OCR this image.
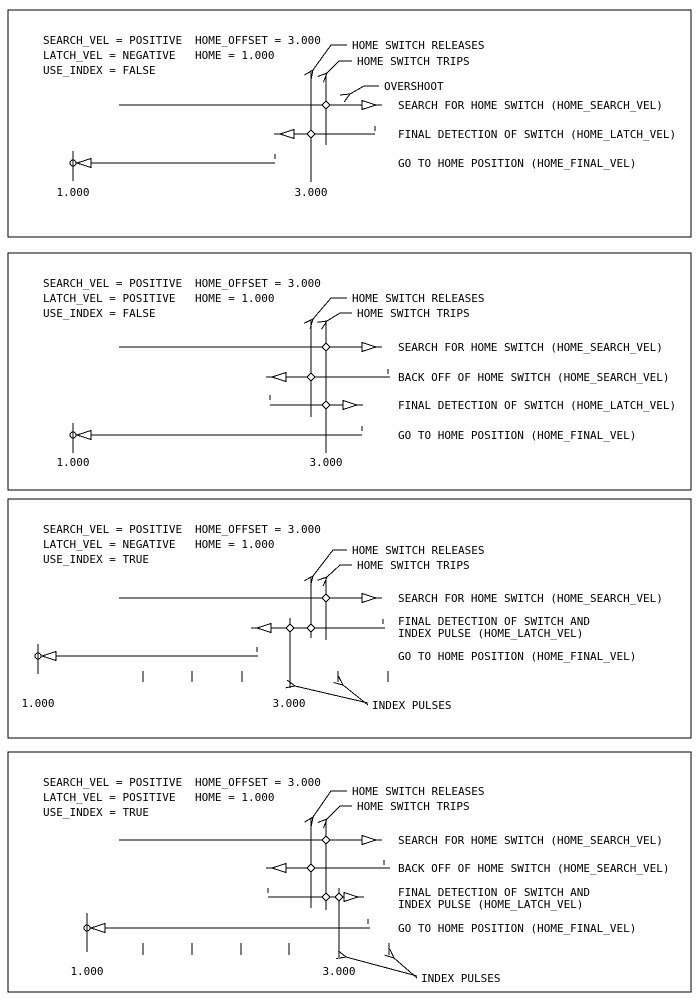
SEARCH_VEL = POSITIVE HOME_OFFSET = 3.000
LATCH_VEL = NEGATIVE HOME = 1.000
USE_INDEX = FALSE
HOME SWITCH RELEASES
HOME SWITCH TRIPS
OVERSHOOT
SEARCH FOR HOME SWITCH (HOME_SEARCH_VEL)
FINAL DETECTION OF SWITCH (HOME_LATCH_VEL)
GO TO HOME POSITION (HOME_FINAL_VEL)
1.000	3.000
SEARCH_VEL = POSITIVE HOME_OFFSET = 3.000
LATCH_VEL = POSITIVE HOME = 1.000
USE_INDEX = FALSE
HOME SWITCH RELEASES
HOME SWITCH TRIPS
SEARCH FOR HOME SWITCH (HOME_SEARCH_VEL)
BACK OFF OF HOME SWITCH (HOME_SEARCH_VEL)
FINAL DETECTION OF SWITCH (HOME_LATCH_VEL)
GO TO HOME POSITION (HOME_FINAL_VEL)
1.000	3.000
SEARCH_VEL = POSITIVE HOME_OFFSET = 3.000
LATCH_VEL = NEGATIVE HOME = 1.000
USE_INDEX = TRUE
HOME SWITCH RELEASES
HOME SWITCH TRIPS
SEARCH FOR HOME SWITCH (HOME_SEARCH_VEL)
FINAL DETECTION OF SWITCH AND
INDEX PULSE (HOME_LATCH_VEL)
GO TO HOME POSITION (HOME_FINAL_VEL)
1.000	3.000	INDEX PULSES
SEARCH_VEL = POSITIVE HOME_OFFSET = 3.000
LATCH_VEL = POSITIVE HOME = 1.000
USE_INDEX = TRUE
HOME SWITCH RELEASES
HOME SWITCH TRIPS
SEARCH FOR HOME SWITCH (HOME_SEARCH_VEL)
BACK OFF OF HOME SWITCH (HOME_SEARCH_VEL)
FINAL DETECTION OF SWITCH AND
INDEX PULSE (HOME_LATCH_VEL)
GO TO HOME POSITION (HOME_FINAL_VEL)
1.000	3.000
INDEX PULSES
